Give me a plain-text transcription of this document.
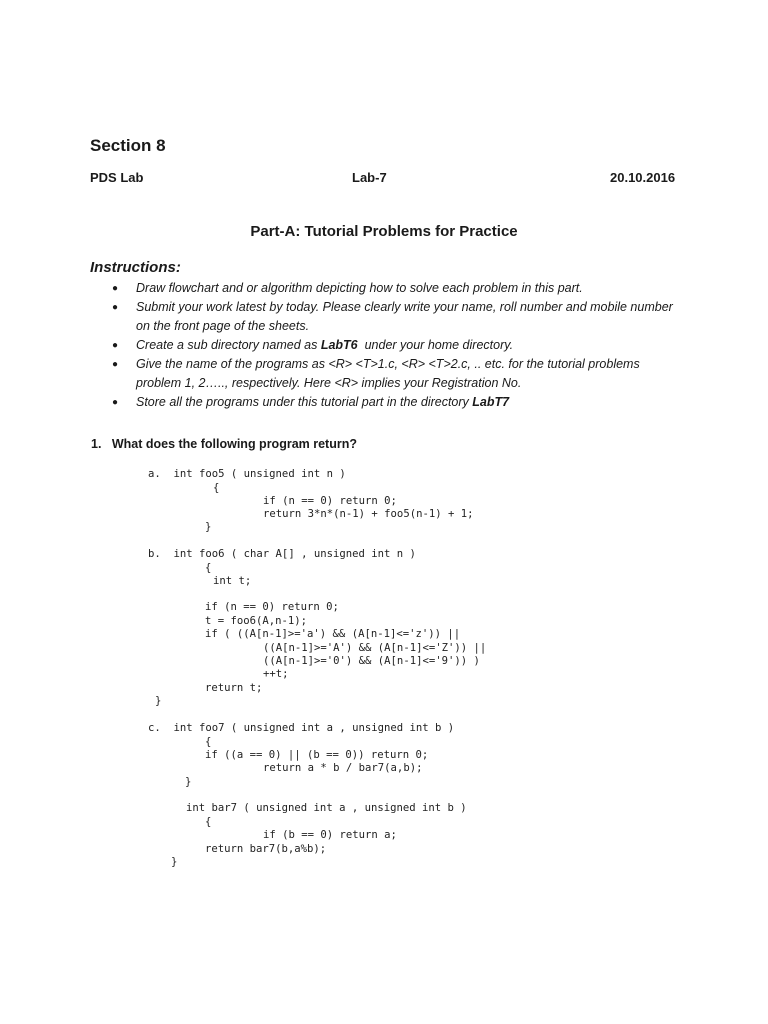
Section 8
PDS Lab	Lab-7	20.10.2016
Part-A: Tutorial Problems for Practice
Instructions:
● Draw flowchart and or algorithm depicting how to solve each problem in this part.
● Submit your work latest by today. Please clearly write your name, roll number and mobile number on the front page of the sheets.
● Create a sub directory named as LabT6  under your home directory.
● Give the name of the programs as <R> <T>1.c, <R> <T>2.c, .. etc. for the tutorial problems problem 1, 2….., respectively. Here <R> implies your Registration No.
● Store all the programs under this tutorial part in the directory LabT7
1.   What does the following program return?
a.  int foo5 ( unsigned int n )
{
if (n == 0) return 0;
return 3*n*(n-1) + foo5(n-1) + 1;
}
b.  int foo6 ( char A[] , unsigned int n )
{
int t;
if (n == 0) return 0;
t = foo6(A,n-1);
if ( ((A[n-1]>='a') && (A[n-1]<='z')) ||
((A[n-1]>='A') && (A[n-1]<='Z')) ||
((A[n-1]>='0') && (A[n-1]<='9')) )
++t;
return t;
}
c.  int foo7 ( unsigned int a , unsigned int b )
{
if ((a == 0) || (b == 0)) return 0;
return a * b / bar7(a,b);
}
int bar7 ( unsigned int a , unsigned int b )
{
if (b == 0) return a;
return bar7(b,a%b);
}
